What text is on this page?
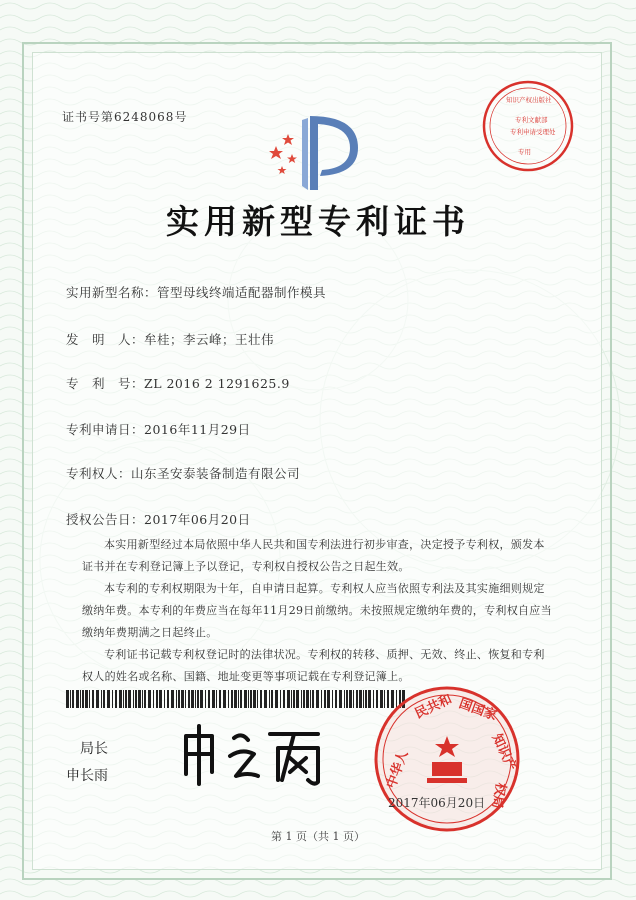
证书号第6248068号
实用新型专利证书
实用新型名称：管型母线终端适配器制作模具
发　明　人：牟桂；李云峰；王壮伟
专　利　号：ZL 2016 2 1291625.9
专利申请日：2016年11月29日
专利权人：山东圣安泰装备制造有限公司
授权公告日：2017年06月20日

本实用新型经过本局依照中华人民共和国专利法进行初步审查，决定授予专利权，颁发本证书并在专利登记簿上予以登记，专利权自授权公告之日起生效。

本专利的专利权期限为十年，自申请日起算。专利权人应当依照专利法及其实施细则规定缴纳年费。本专利的年费应当在每年11月29日前缴纳。未按照规定缴纳年费的，专利权自应当缴纳年费期满之日起终止。

专利证书记载专利权登记时的法律状况。专利权的转移、质押、无效、终止、恢复和专利权人的姓名或名称、国籍、地址变更等事项记载在专利登记簿上。

局长
申长雨
知识产权出版社
专利文献部
专利申请受理处
专用
中华人
民共和 国国家
知识产
权局
2017年06月20日
第 1 页（共 1 页）
